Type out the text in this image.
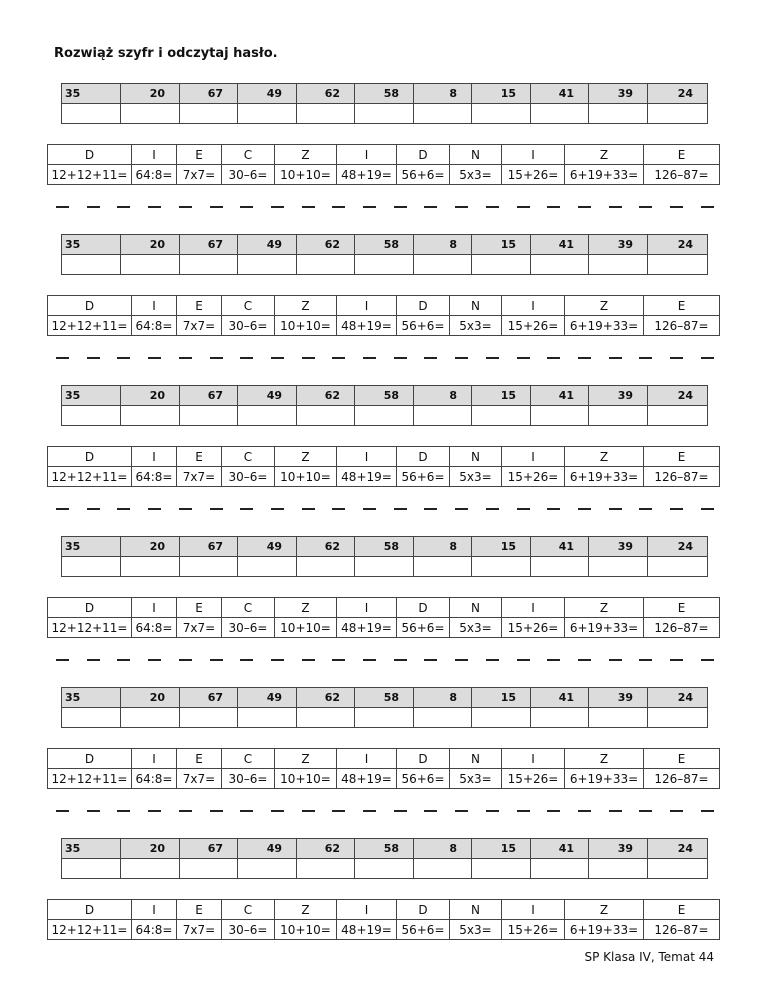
Rozwiąż szyfr i odczytaj hasło.
35	20	67	49	62	58	8	15	41	39	24

D	I	E	C	Z	I	D	N	I	Z	E
12+12+11=	64:8=	7x7=	30–6=	10+10=	48+19=	56+6=	5x3=	15+26=	6+19+33=	126–87=
35	20	67	49	62	58	8	15	41	39	24

D	I	E	C	Z	I	D	N	I	Z	E
12+12+11=	64:8=	7x7=	30–6=	10+10=	48+19=	56+6=	5x3=	15+26=	6+19+33=	126–87=
35	20	67	49	62	58	8	15	41	39	24

D	I	E	C	Z	I	D	N	I	Z	E
12+12+11=	64:8=	7x7=	30–6=	10+10=	48+19=	56+6=	5x3=	15+26=	6+19+33=	126–87=
35	20	67	49	62	58	8	15	41	39	24

D	I	E	C	Z	I	D	N	I	Z	E
12+12+11=	64:8=	7x7=	30–6=	10+10=	48+19=	56+6=	5x3=	15+26=	6+19+33=	126–87=
35	20	67	49	62	58	8	15	41	39	24

D	I	E	C	Z	I	D	N	I	Z	E
12+12+11=	64:8=	7x7=	30–6=	10+10=	48+19=	56+6=	5x3=	15+26=	6+19+33=	126–87=
35	20	67	49	62	58	8	15	41	39	24

D	I	E	C	Z	I	D	N	I	Z	E
12+12+11=	64:8=	7x7=	30–6=	10+10=	48+19=	56+6=	5x3=	15+26=	6+19+33=	126–87=
SP Klasa IV, Temat 44
